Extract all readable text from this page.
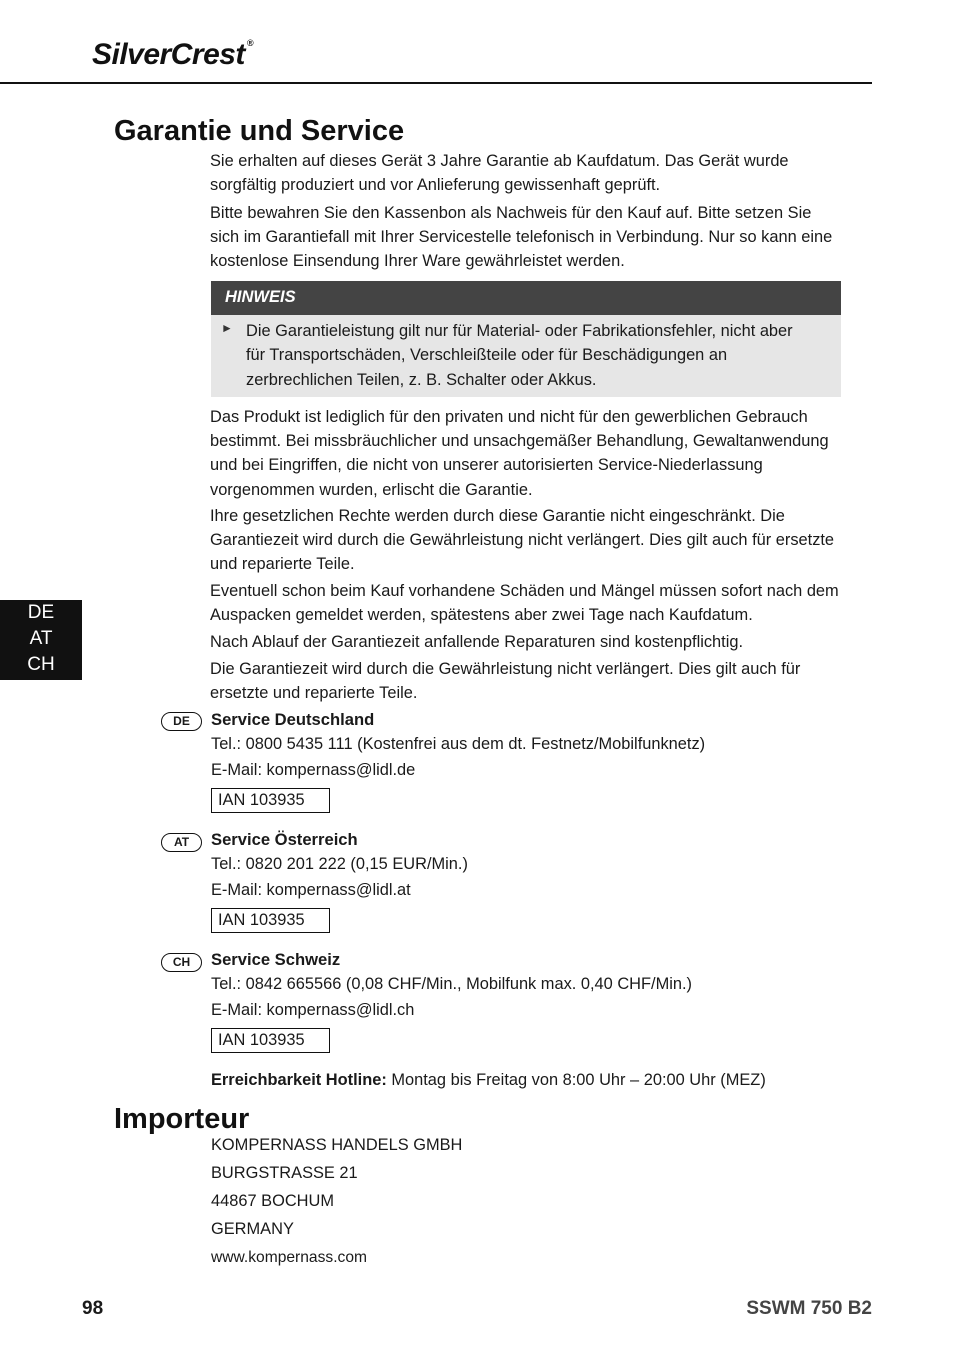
SilverCrest ®
Garantie und Service

Sie erhalten auf dieses Gerät 3 Jahre Garantie ab Kaufdatum. Das Gerät wurde sorgfältig produziert und vor Anlieferung gewissenhaft geprüft.

Bitte bewahren Sie den Kassenbon als Nachweis für den Kauf auf. Bitte setzen Sie sich im Garantiefall mit Ihrer Servicestelle telefonisch in Verbindung. Nur so kann eine kostenlose Einsendung Ihrer Ware gewährleistet werden.

HINWEIS
► Die Garantieleistung gilt nur für Material- oder Fabrikationsfehler, nicht aber für Transportschäden, Verschleißteile oder für Beschädigungen an zerbrechlichen Teilen, z. B. Schalter oder Akkus.

Das Produkt ist lediglich für den privaten und nicht für den gewerblichen Gebrauch bestimmt. Bei missbräuchlicher und unsachgemäßer Behandlung, Gewaltanwendung und bei Eingriffen, die nicht von unserer autorisierten Service-Niederlassung vorgenommen wurden, erlischt die Garantie.

Ihre gesetzlichen Rechte werden durch diese Garantie nicht eingeschränkt. Die Garantiezeit wird durch die Gewährleistung nicht verlängert. Dies gilt auch für ersetzte und reparierte Teile.

Eventuell schon beim Kauf vorhandene Schäden und Mängel müssen sofort nach dem Auspacken gemeldet werden, spätestens aber zwei Tage nach Kaufdatum.

Nach Ablauf der Garantiezeit anfallende Reparaturen sind kostenpflichtig.

Die Garantiezeit wird durch die Gewährleistung nicht verlängert. Dies gilt auch für ersetzte und reparierte Teile.

DE	Service Deutschland
Tel.: 0800 5435 111 (Kostenfrei aus dem dt. Festnetz/Mobilfunknetz)
E-Mail: kompernass@lidl.de
IAN 103935
AT	Service Österreich
Tel.: 0820 201 222 (0,15 EUR/Min.)
E-Mail: kompernass@lidl.at
IAN 103935
CH	Service Schweiz
Tel.: 0842 665566 (0,08 CHF/Min., Mobilfunk max. 0,40 CHF/Min.)
E-Mail: kompernass@lidl.ch
IAN 103935
Erreichbarkeit Hotline: Montag bis Freitag von 8:00 Uhr – 20:00 Uhr (MEZ)
Importeur
KOMPERNASS HANDELS GMBH
BURGSTRASSE 21
44867 BOCHUM
GERMANY
www.kompernass.com
DE
AT
CH
98	SSWM 750 B2
